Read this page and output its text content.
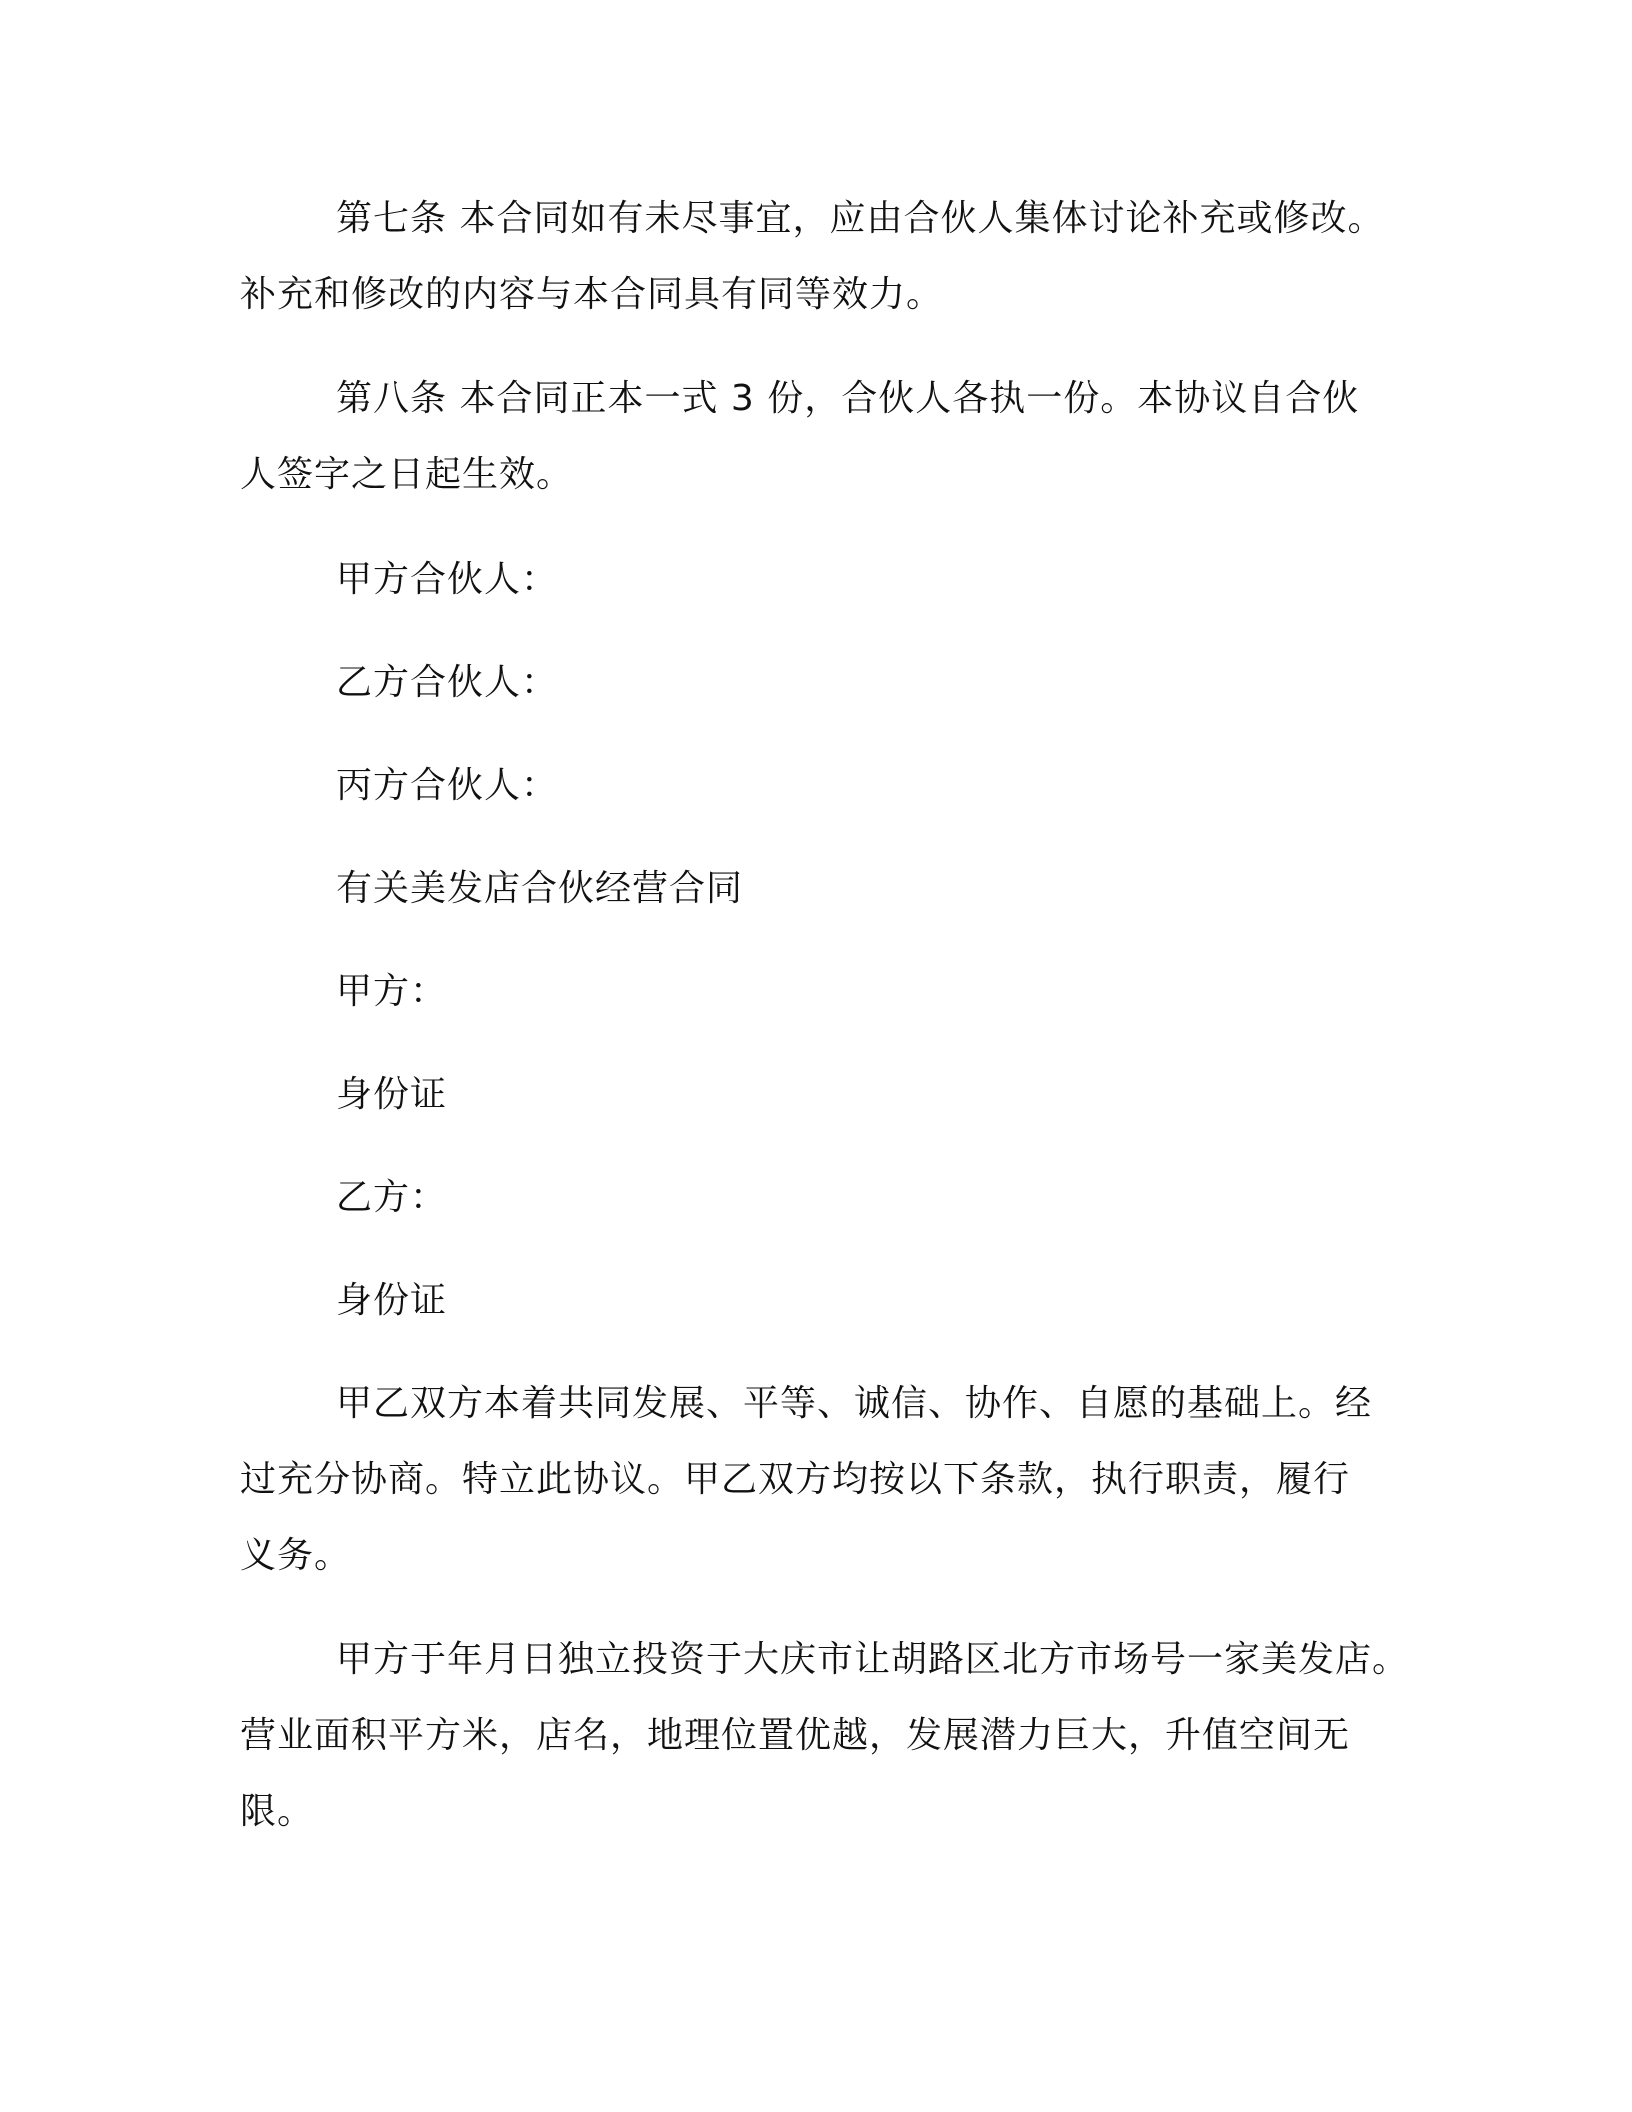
第七条 本合同如有未尽事宜，应由合伙人集体讨论补充或修改。
补充和修改的内容与本合同具有同等效力。

第八条 本合同正本一式 3 份，合伙人各执一份。本协议自合伙
人签字之日起生效。

甲方合伙人：

乙方合伙人：

丙方合伙人：

有关美发店合伙经营合同

甲方：

身份证

乙方：

身份证

甲乙双方本着共同发展、平等、诚信、协作、自愿的基础上。经
过充分协商。特立此协议。甲乙双方均按以下条款，执行职责，履行
义务。

甲方于年月日独立投资于大庆市让胡路区北方市场号一家美发店。
营业面积平方米，店名，地理位置优越，发展潜力巨大，升值空间无
限。
